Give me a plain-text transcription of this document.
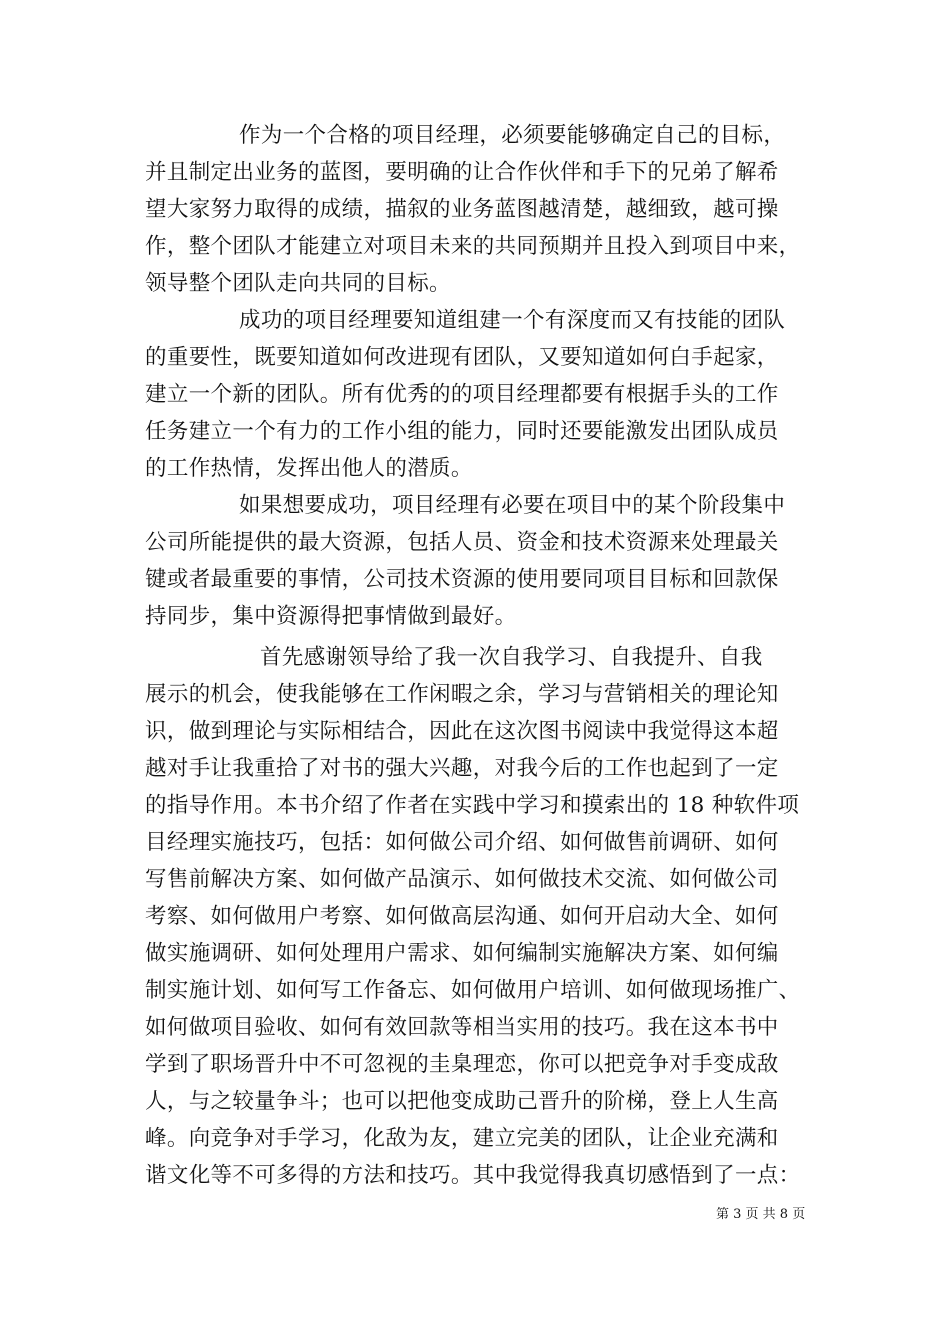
作为一个合格的项目经理，必须要能够确定自己的目标，
并且制定出业务的蓝图，要明确的让合作伙伴和手下的兄弟了解希
望大家努力取得的成绩，描叙的业务蓝图越清楚，越细致，越可操
作，整个团队才能建立对项目未来的共同预期并且投入到项目中来，
领导整个团队走向共同的目标。
成功的项目经理要知道组建一个有深度而又有技能的团队
的重要性，既要知道如何改进现有团队，又要知道如何白手起家，
建立一个新的团队。所有优秀的的项目经理都要有根据手头的工作
任务建立一个有力的工作小组的能力，同时还要能激发出团队成员
的工作热情，发挥出他人的潜质。
如果想要成功，项目经理有必要在项目中的某个阶段集中
公司所能提供的最大资源，包括人员、资金和技术资源来处理最关
键或者最重要的事情，公司技术资源的使用要同项目目标和回款保
持同步，集中资源得把事情做到最好。
首先感谢领导给了我一次自我学习、自我提升、自我
展示的机会，使我能够在工作闲暇之余，学习与营销相关的理论知
识，做到理论与实际相结合，因此在这次图书阅读中我觉得这本超
越对手让我重拾了对书的强大兴趣，对我今后的工作也起到了一定
的指导作用。本书介绍了作者在实践中学习和摸索出的 18 种软件项
目经理实施技巧，包括：如何做公司介绍、如何做售前调研、如何
写售前解决方案、如何做产品演示、如何做技术交流、如何做公司
考察、如何做用户考察、如何做高层沟通、如何开启动大全、如何
做实施调研、如何处理用户需求、如何编制实施解决方案、如何编
制实施计划、如何写工作备忘、如何做用户培训、如何做现场推广、
如何做项目验收、如何有效回款等相当实用的技巧。我在这本书中
学到了职场晋升中不可忽视的圭臬理恋，你可以把竞争对手变成敌
人，与之较量争斗；也可以把他变成助己晋升的阶梯，登上人生高
峰。向竞争对手学习，化敌为友，建立完美的团队，让企业充满和
谐文化等不可多得的方法和技巧。其中我觉得我真切感悟到了一点：
第 3 页 共 8 页
